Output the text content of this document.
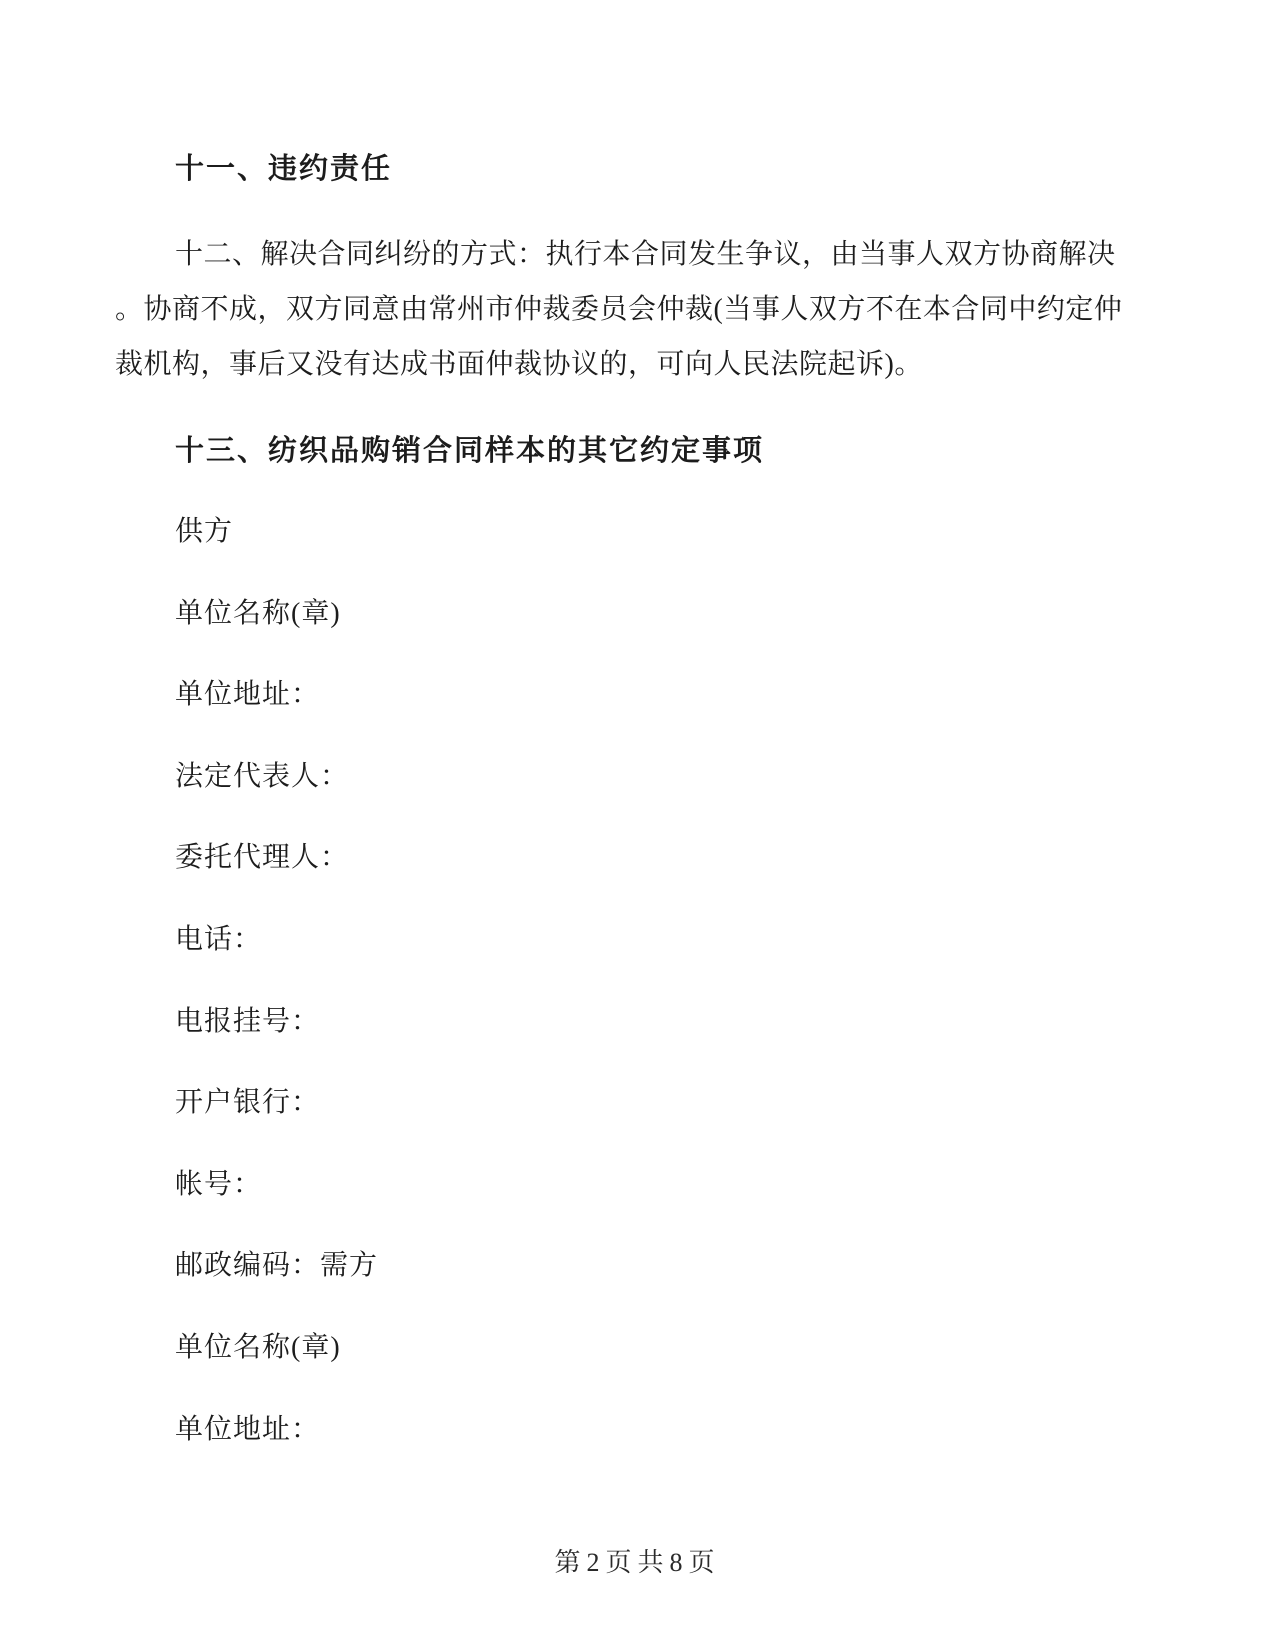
十一、违约责任
十二、解决合同纠纷的方式：执行本合同发生争议，由当事人双方协商解决
。协商不成，双方同意由常州市仲裁委员会仲裁(当事人双方不在本合同中约定仲
裁机构，事后又没有达成书面仲裁协议的，可向人民法院起诉)。
十三、纺织品购销合同样本的其它约定事项
供方
单位名称(章)
单位地址：
法定代表人：
委托代理人：
电话：
电报挂号：
开户银行：
帐号：
邮政编码：需方
单位名称(章)
单位地址：
第2页共8页
